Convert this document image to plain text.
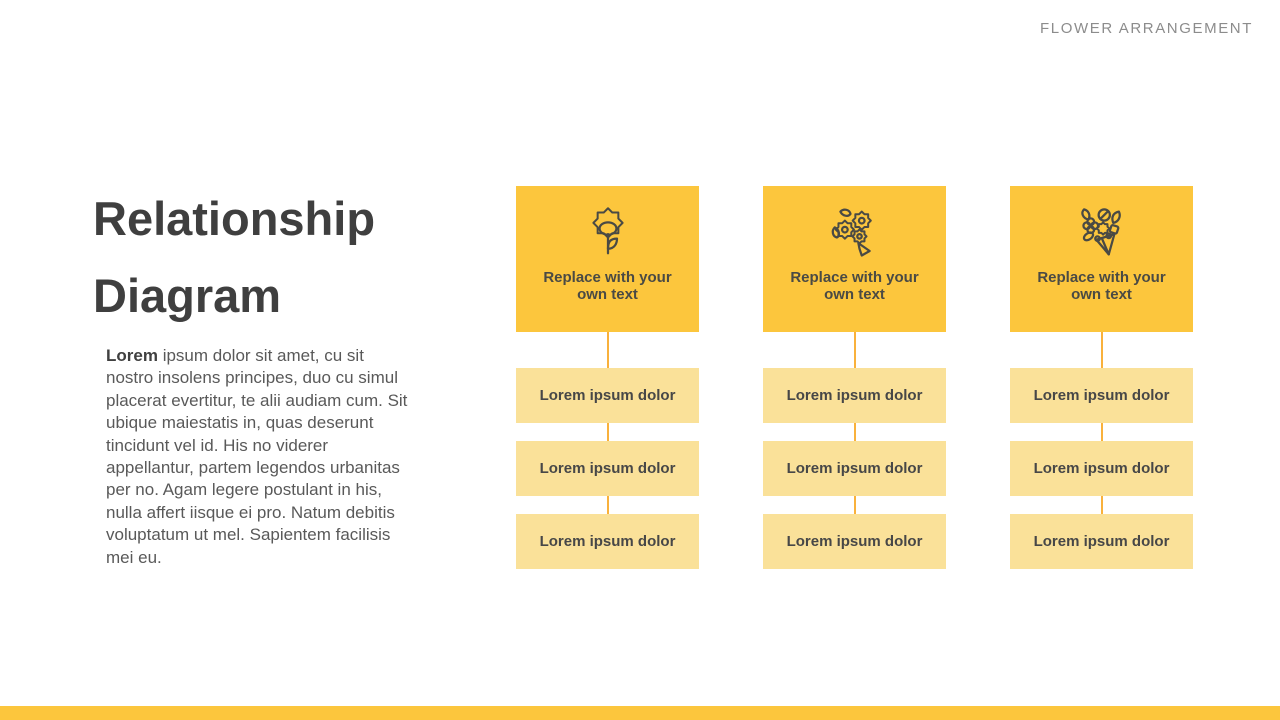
FLOWER ARRANGEMENT
Relationship
Diagram
Lorem ipsum dolor sit amet, cu sit nostro insolens principes, duo cu simul placerat evertitur, te alii audiam cum. Sit ubique maiestatis in, quas deserunt tincidunt vel id. His no viderer appellantur, partem legendos urbanitas per no. Agam legere postulant in his, nulla affert iisque ei pro. Natum debitis voluptatum ut mel. Sapientem facilisis mei eu.
Replace with your own text
Lorem ipsum dolor
Lorem ipsum dolor
Lorem ipsum dolor
Replace with your own text
Lorem ipsum dolor
Lorem ipsum dolor
Lorem ipsum dolor
Replace with your own text
Lorem ipsum dolor
Lorem ipsum dolor
Lorem ipsum dolor
